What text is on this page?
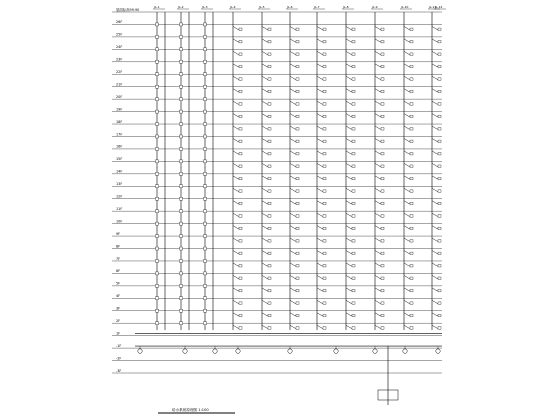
屋面标高99.90
26F
25F
24F
23F
22F
21F
20F
19F
18F
17F
16F
15F
14F
13F
12F
11F
10F
9F
8F
7F
6F
5F
4F
3F
2F
1F
-1F
-2F
-3F
JL-1	JL-2	JL-3	JL-4	JL-5	JL-6	JL-7	JL-8	JL-9	JL-10	JL-11
JL-12
给水系统原理图 1:100
